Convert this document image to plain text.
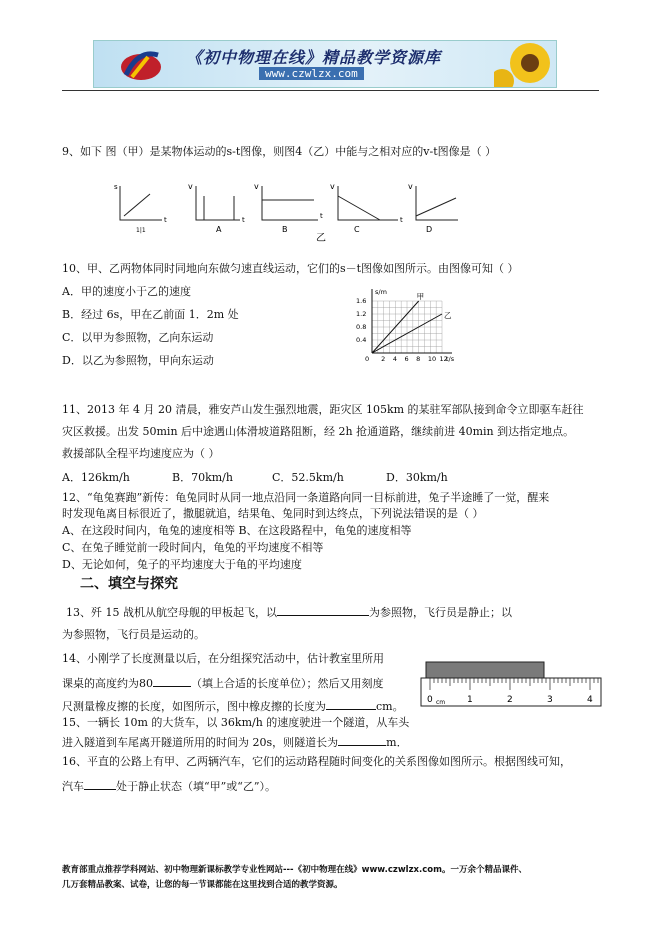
《初中物理在线》精品教学资源库
www.czwlzx.com
9、如下 图（甲）是某物体运动的s-t图像，则图4（乙）中能与之相对应的v-t图像是（ ）
s
t
1|1
v
t
v
t
v
t
v
A	B	C	D
乙
10、甲、乙两物体同时同地向东做匀速直线运动，它们的s－t图像如图所示。由图像可知（ ）
A．甲的速度小于乙的速度
B．经过 6s，甲在乙前面 1．2m 处
C．以甲为参照物，乙向东运动
D．以乙为参照物，甲向东运动
s/m
t/s
0 2 4 6 8 10 12
0.4
0.8
1.2
1.6	甲
乙
11、2013 年 4 月 20 清晨，雅安芦山发生强烈地震，距灾区 105km 的某驻军部队接到命令立即驱车赶往
灾区救援。出发 50min 后中途遇山体滑坡道路阻断，经 2h 抢通道路，继续前进 40min 到达指定地点。
救援部队全程平均速度应为（ ）
A．126km/h	B．70km/h	C．52.5km/h	D．30km/h
12、“龟兔赛跑”新传：龟兔同时从同一地点沿同一条道路向同一目标前进，兔子半途睡了一觉，醒来
时发现龟离目标很近了，撒腿就追，结果龟、兔同时到达终点，下列说法错误的是（ ）
A、在这段时间内，龟兔的速度相等 B、在这段路程中，龟兔的速度相等
C、在兔子睡觉前一段时间内，龟兔的平均速度不相等
D、无论如何，兔子的平均速度大于龟的平均速度
二、填空与探究
13、歼 15 战机从航空母舰的甲板起飞，以	为参照物，飞行员是静止；以
为参照物，飞行员是运动的。
14、小刚学了长度测量以后，在分组探究活动中，估计教室里所用
课桌的高度约为80	（填上合适的长度单位）；然后又用刻度
尺测量橡皮擦的长度，如图所示，图中橡皮擦的长度为	cm。	0	1	2	3	4
cm
15、一辆长 10m 的大货车，以 36km/h 的速度驶进一个隧道，从车头
进入隧道到车尾离开隧道所用的时间为 20s，则隧道长为	m．
16、平直的公路上有甲、乙两辆汽车，它们的运动路程随时间变化的关系图像如图所示。根据图线可知，
汽车	处于静止状态（填“甲”或“乙”）。
教育部重点推荐学科网站、初中物理新课标教学专业性网站---《初中物理在线》www.czwlzx.com。一万余个精品课件、
几万套精品教案、试卷，让您的每一节课都能在这里找到合适的教学资源。
